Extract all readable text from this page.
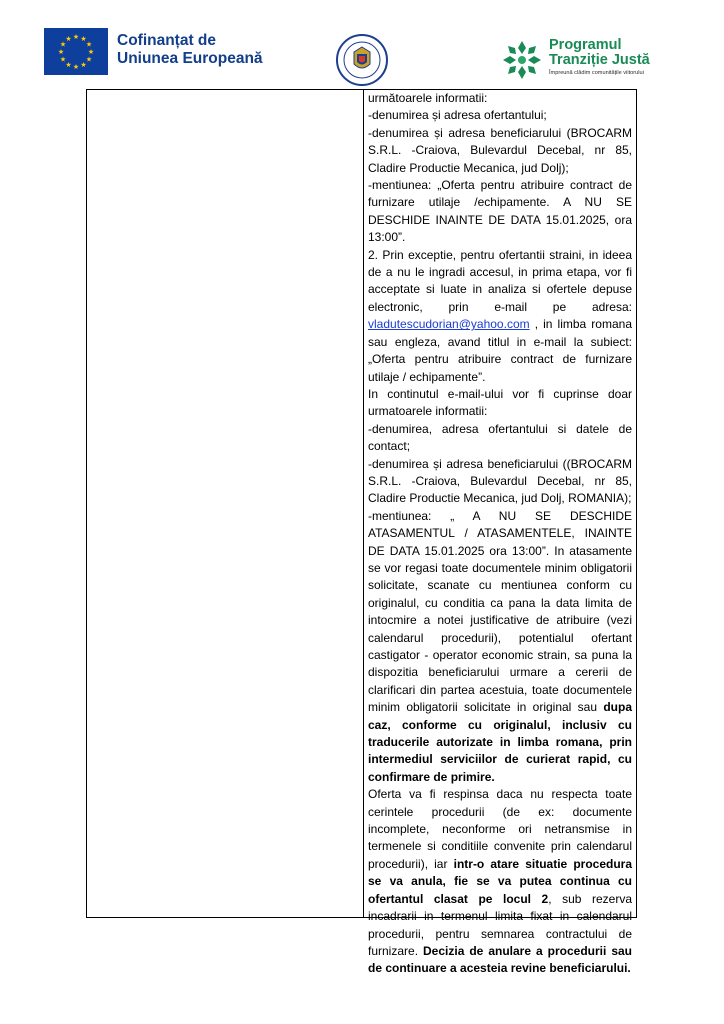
★ ★
★
★
★
★
★
★
★
★
★
★	Cofinanțat de
Uniunea Europeană
Programul
Tranziție Justă
Împreună clădim comunitățile viitorului

următoarele informatii:

-denumirea și adresa ofertantului;

-denumirea și adresa beneficiarului (BROCARM S.R.L. -Craiova, Bulevardul Decebal, nr 85, Cladire Productie Mecanica, jud Dolj);

-mentiunea: „Oferta pentru atribuire contract de furnizare utilaje /echipamente. A NU SE DESCHIDE INAINTE DE DATA 15.01.2025, ora 13:00”.

2. Prin exceptie, pentru ofertantii straini, in ideea de a nu le ingradi accesul, in prima etapa, vor fi acceptate si luate in analiza si ofertele depuse electronic, prin e-mail pe adresa: vladutescudorian@yahoo.com , in limba romana sau engleza, avand titlul in e-mail la subiect: „Oferta pentru atribuire contract de furnizare utilaje / echipamente”.

In continutul e-mail-ului vor fi cuprinse doar urmatoarele informatii:

-denumirea, adresa ofertantului si datele de contact;

-denumirea și adresa beneficiarului ((BROCARM S.R.L. -Craiova, Bulevardul Decebal, nr 85, Cladire Productie Mecanica, jud Dolj, ROMANIA);

-mentiunea: „ A NU SE DESCHIDE ATASAMENTUL / ATASAMENTELE, INAINTE DE DATA 15.01.2025 ora 13:00”. In atasamente se vor regasi toate documentele minim obligatorii solicitate, scanate cu mentiunea conform cu originalul, cu conditia ca pana la data limita de intocmire a notei justificative de atribuire (vezi calendarul procedurii), potentialul ofertant castigator - operator economic strain, sa puna la dispozitia beneficiarului urmare a cererii de clarificari din partea acestuia, toate documentele minim obligatorii solicitate in original sau dupa caz, conforme cu originalul, inclusiv cu traducerile autorizate in limba romana, prin intermediul serviciilor de curierat rapid, cu confirmare de primire.

Oferta va fi respinsa daca nu respecta toate cerintele procedurii (de ex: documente incomplete, neconforme ori netransmise in termenele si conditiile convenite prin calendarul procedurii), iar intr-o atare situatie procedura se va anula, fie se va putea continua cu ofertantul clasat pe locul 2, sub rezerva incadrarii in termenul limita fixat in calendarul procedurii, pentru semnarea contractului de furnizare. Decizia de anulare a procedurii sau de continuare a acesteia revine beneficiarului.
